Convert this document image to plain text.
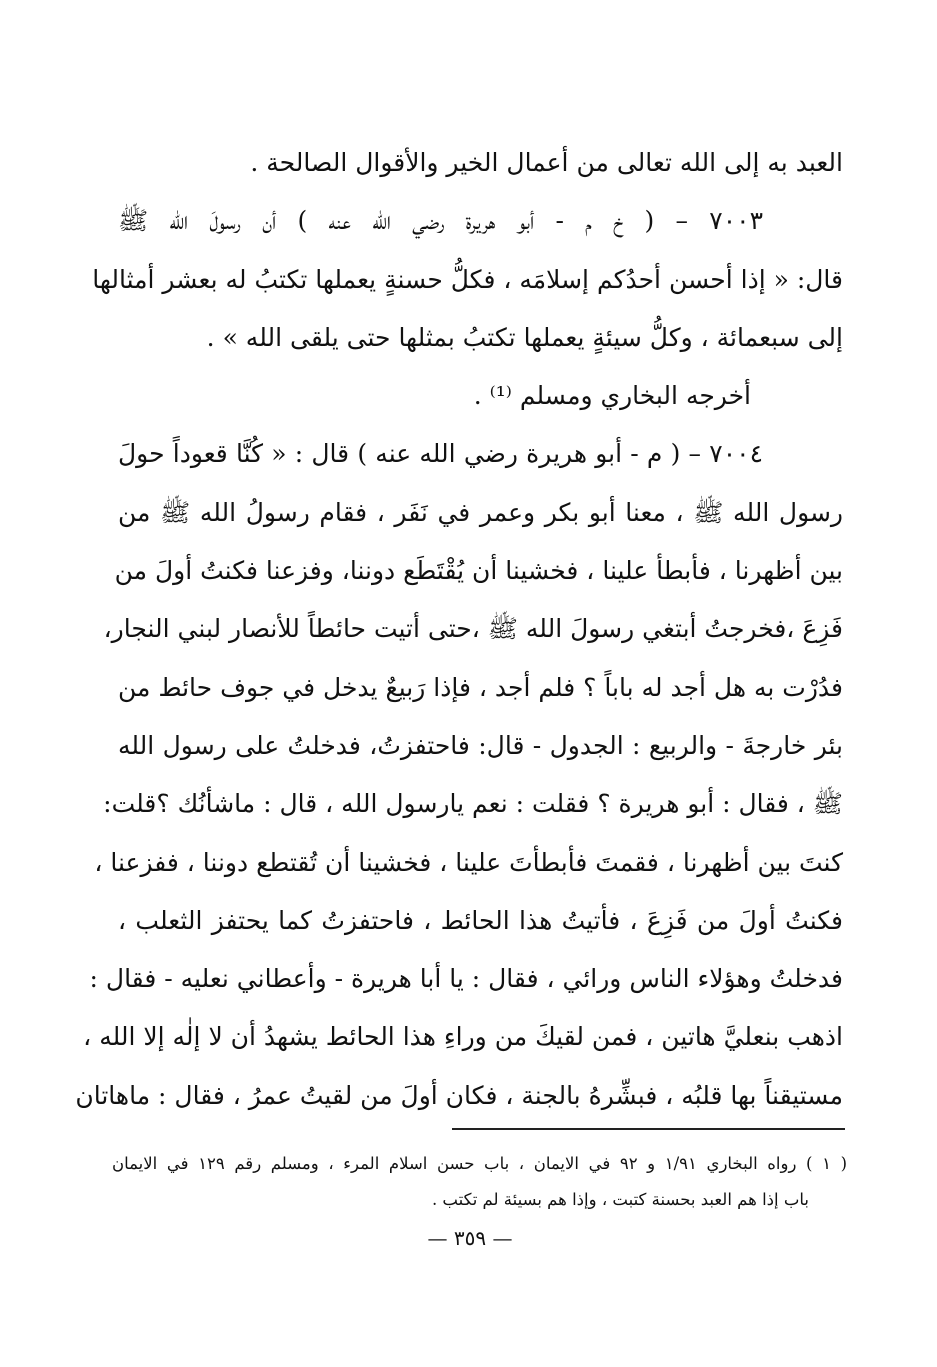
العبد به إلى الله تعالى من أعمال الخير والأقوال الصالحة .
٧٠٠٣ – ( خ م - أبو هريرة رضي الله عنه ) أن رسولَ الله ﷺ
قال: « إذا أحسن أحدُكم إسلامَه ، فكلُّ حسنةٍ يعملها تكتبُ له بعشر أمثالها
إلى سبعمائة ، وكلُّ سيئةٍ يعملها تكتبُ بمثلها حتى يلقى الله » .
أخرجه البخاري ومسلم ⁽¹⁾ .
٧٠٠٤ – ( م - أبو هريرة رضي الله عنه ) قال : « كُنَّا قعوداً حولَ
رسول الله ﷺ ، معنا أبو بكر وعمر في نَفَر ، فقام رسولُ الله ﷺ من
بين أظهرنا ، فأبطأ علينا ، فخشينا أن يُقْتَطَع دوننا، وفزعنا فكنتُ أولَ من
فَزِعَ ،فخرجتُ أبتغي رسولَ الله ﷺ ،حتى أتيت حائطاً للأنصار لبني النجار،
فدُرْت به هل أجد له باباً ؟ فلم أجد ، فإذا رَبيعٌ يدخل في جوف حائط من
بئر خارجةَ - والربيع : الجدول - قال: فاحتفزتُ، فدخلتُ على رسول الله
ﷺ ، فقال : أبو هريرة ؟ فقلت : نعم يارسول الله ، قال : ماشأنُك ؟قلت:
كنتَ بين أظهرنا ، فقمتَ فأبطأتَ علينا ، فخشينا أن تُقتطع دوننا ، ففزعنا ،
فكنتُ أولَ من فَزِعَ ، فأتيتُ هذا الحائط ، فاحتفزتُ كما يحتفز الثعلب ،
فدخلتُ وهؤلاء الناس ورائي ، فقال : يا أبا هريرة - وأعطاني نعليه - فقال :
اذهب بنعليَّ هاتين ، فمن لقيكَ من وراءِ هذا الحائط يشهدُ أن لا إلٰه إلا الله ،
مستيقناً بها قلبُه ، فبشِّرهُ بالجنة ، فكان أولَ من لقيتُ عمرُ ، فقال : ماهاتان
( ١ ) رواه البخاري ١/٩١ و ٩٢ في الايمان ، باب حسن اسلام المرء ، ومسلم رقم ١٢٩ في الايمان
باب إذا هم العبد بحسنة كتبت ، وإذا هم بسيئة لم تكتب .
— ٣٥٩ —
